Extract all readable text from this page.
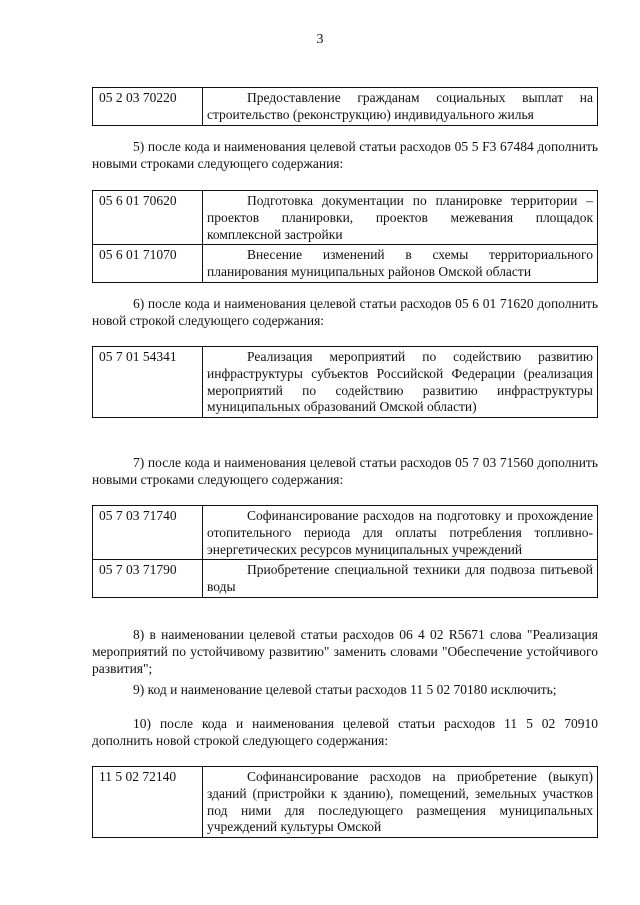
3
05 2 03 70220	Предоставление гражданам социальных выплат на строительство (реконструкцию) индивидуального жилья

5) после кода и наименования целевой статьи расходов 05 5 F3 67484 дополнить новыми строками следующего содержания:

05 6 01 70620	Подготовка документации по планировке территории – проектов планировки, проектов межевания площадок комплексной застройки
05 6 01 71070	Внесение изменений в схемы территориального планирования муниципальных районов Омской области

6) после кода и наименования целевой статьи расходов 05 6 01 71620 дополнить новой строкой следующего содержания:

05 7 01 54341	Реализация мероприятий по содействию развитию инфраструктуры субъектов Российской Федерации (реализация мероприятий по содействию развитию инфраструктуры муниципальных образований Омской области)

7) после кода и наименования целевой статьи расходов 05 7 03 71560 дополнить новыми строками следующего содержания:

05 7 03 71740	Софинансирование расходов на подготовку и прохождение отопительного периода для оплаты потребления топливно-энергетических ресурсов муниципальных учреждений
05 7 03 71790	Приобретение специальной техники для подвоза питьевой воды

8) в наименовании целевой статьи расходов 06 4 02 R5671 слова "Реализация мероприятий по устойчивому развитию" заменить словами "Обеспечение устойчивого развития";

9) код и наименование целевой статьи расходов 11 5 02 70180 исключить;

10) после кода и наименования целевой статьи расходов 11 5 02 70910 дополнить новой строкой следующего содержания:

11 5 02 72140	Софинансирование расходов на приобретение (выкуп) зданий (пристройки к зданию), помещений, земельных участков под ними для последующего размещения муниципальных учреждений культуры Омской
